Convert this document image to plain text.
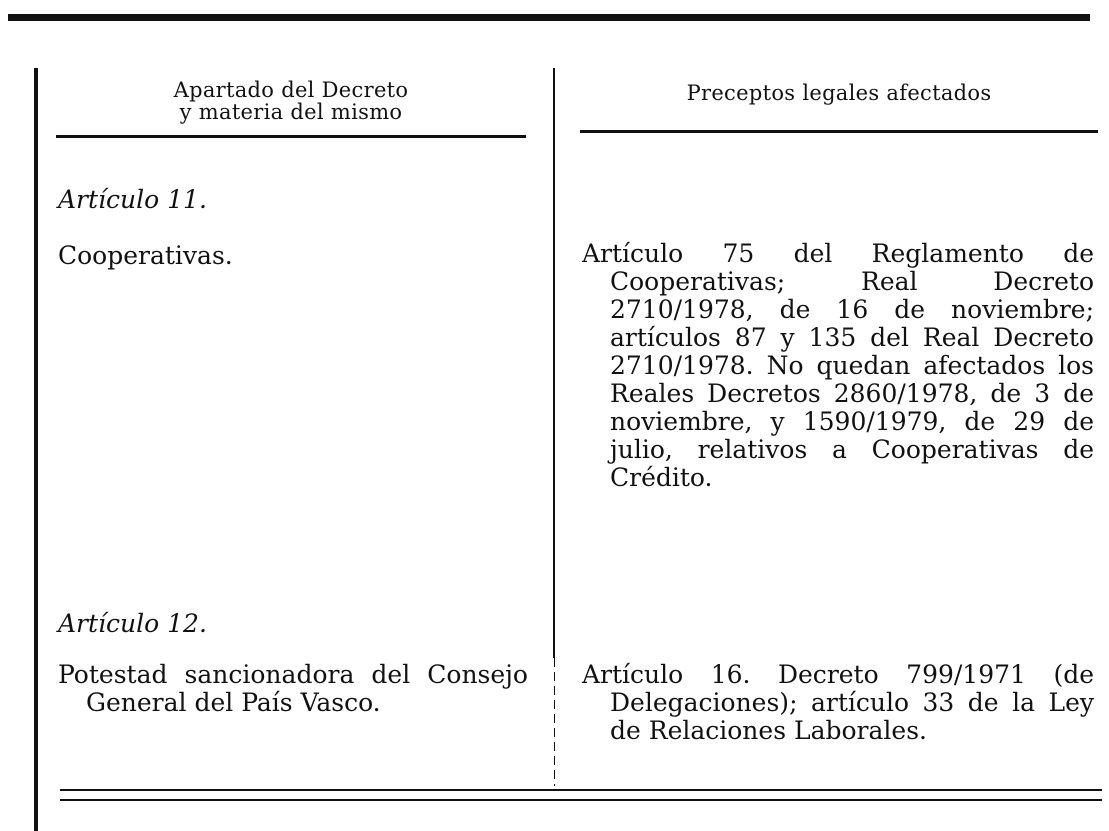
Apartado del Decreto
y materia del mismo
Preceptos legales afectados

Artículo 11.

Cooperativas.	Artículo 75 del Reglamento de Cooperativas; Real Decreto 2710/1978, de 16 de noviembre; artículos 87 y 135 del Real Decreto 2710/1978. No quedan afectados los Reales Decretos 2860/1978, de 3 de noviembre, y 1590/1979, de 29 de julio, relativos a Cooperativas de Crédito.

Artículo 12.

Potestad sancionadora del Consejo General del País Vasco.

Artículo 16. Decreto 799/1971 (de Delegaciones); artículo 33 de la Ley de Relaciones Laborales.
